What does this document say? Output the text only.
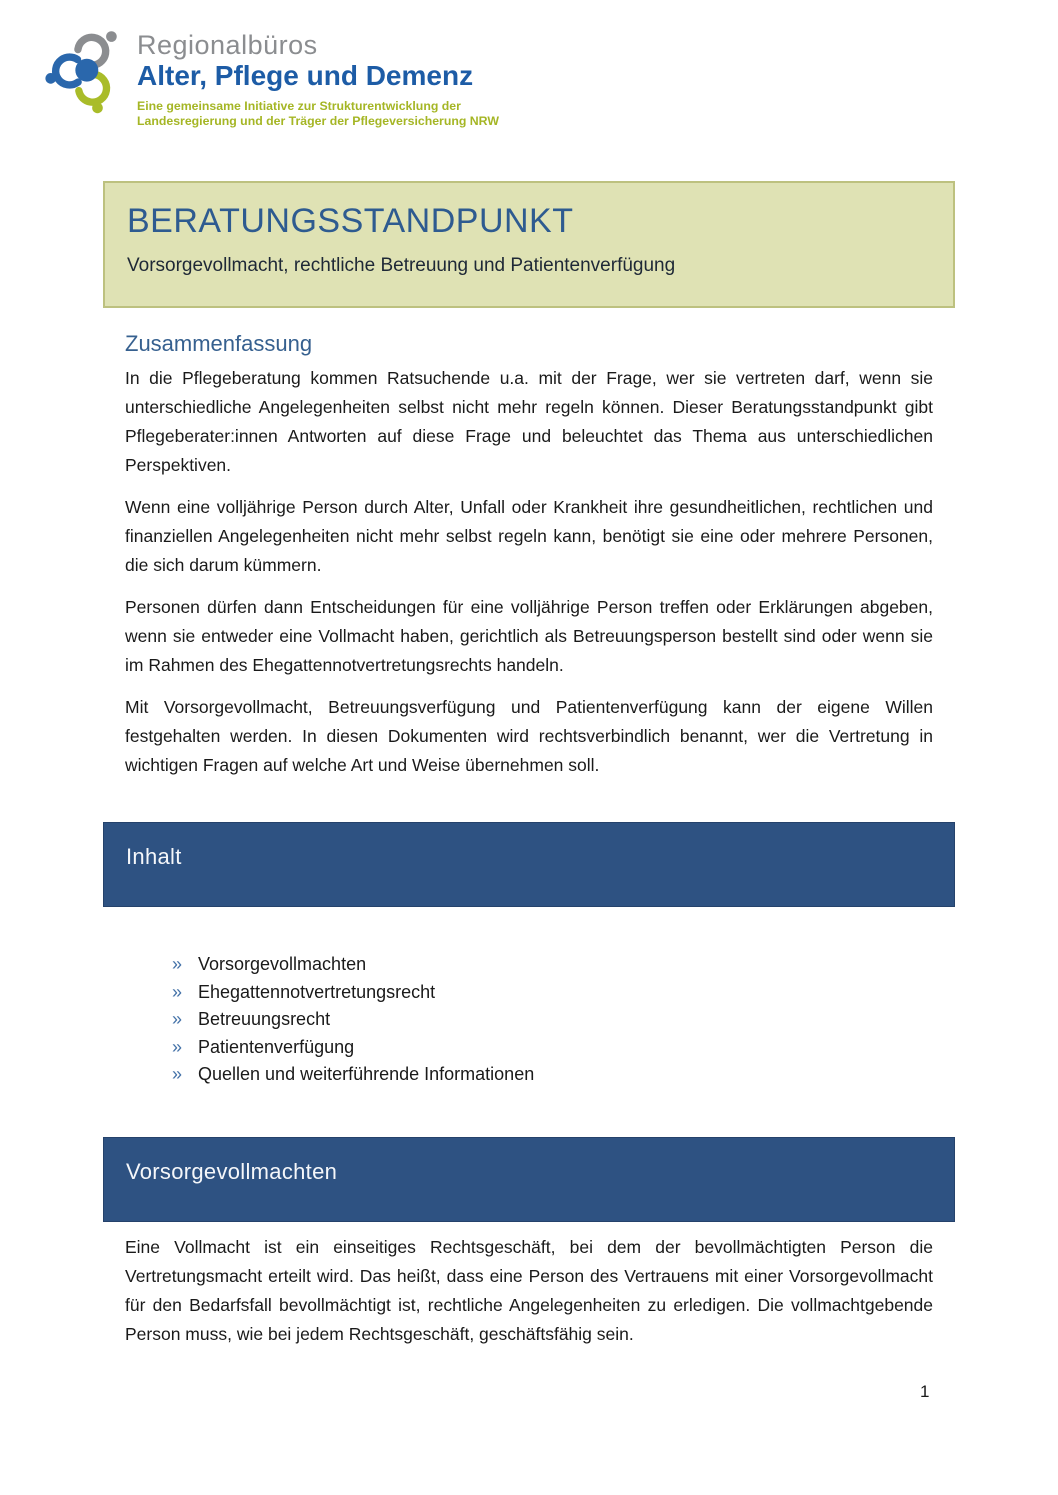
Regionalbüros
Alter, Pflege und Demenz
Eine gemeinsame Initiative zur Strukturentwicklung der
Landesregierung und der Träger der Pflegeversicherung NRW
BERATUNGSSTANDPUNKT
Vorsorgevollmacht, rechtliche Betreuung und Patientenverfügung
Zusammenfassung

In die Pflegeberatung kommen Ratsuchende u.a. mit der Frage, wer sie vertreten darf, wenn sie unterschiedliche Angelegenheiten selbst nicht mehr regeln können. Dieser Beratungsstandpunkt gibt Pflegeberater:innen Antworten auf diese Frage und beleuchtet das Thema aus unterschiedlichen Perspektiven.

Wenn eine volljährige Person durch Alter, Unfall oder Krankheit ihre gesundheitlichen, rechtlichen und finanziellen Angelegenheiten nicht mehr selbst regeln kann, benötigt sie eine oder mehrere Personen, die sich darum kümmern.

Personen dürfen dann Entscheidungen für eine volljährige Person treffen oder Erklärungen abgeben, wenn sie entweder eine Vollmacht haben, gerichtlich als Betreuungsperson bestellt sind oder wenn sie im Rahmen des Ehegattennotvertretungsrechts handeln.

Mit Vorsorgevollmacht, Betreuungsverfügung und Patientenverfügung kann der eigene Willen festgehalten werden. In diesen Dokumenten wird rechtsverbindlich benannt, wer die Vertretung in wichtigen Fragen auf welche Art und Weise übernehmen soll.

Inhalt
» Vorsorgevollmachten
» Ehegattennotvertretungsrecht
» Betreuungsrecht
» Patientenverfügung
» Quellen und weiterführende Informationen
Vorsorgevollmachten

Eine Vollmacht ist ein einseitiges Rechtsgeschäft, bei dem der bevollmächtigten Person die Vertretungsmacht erteilt wird. Das heißt, dass eine Person des Vertrauens mit einer Vorsorgevollmacht für den Bedarfsfall bevollmächtigt ist, rechtliche Angelegenheiten zu erledigen. Die vollmachtgebende Person muss, wie bei jedem Rechtsgeschäft, geschäftsfähig sein.

1
